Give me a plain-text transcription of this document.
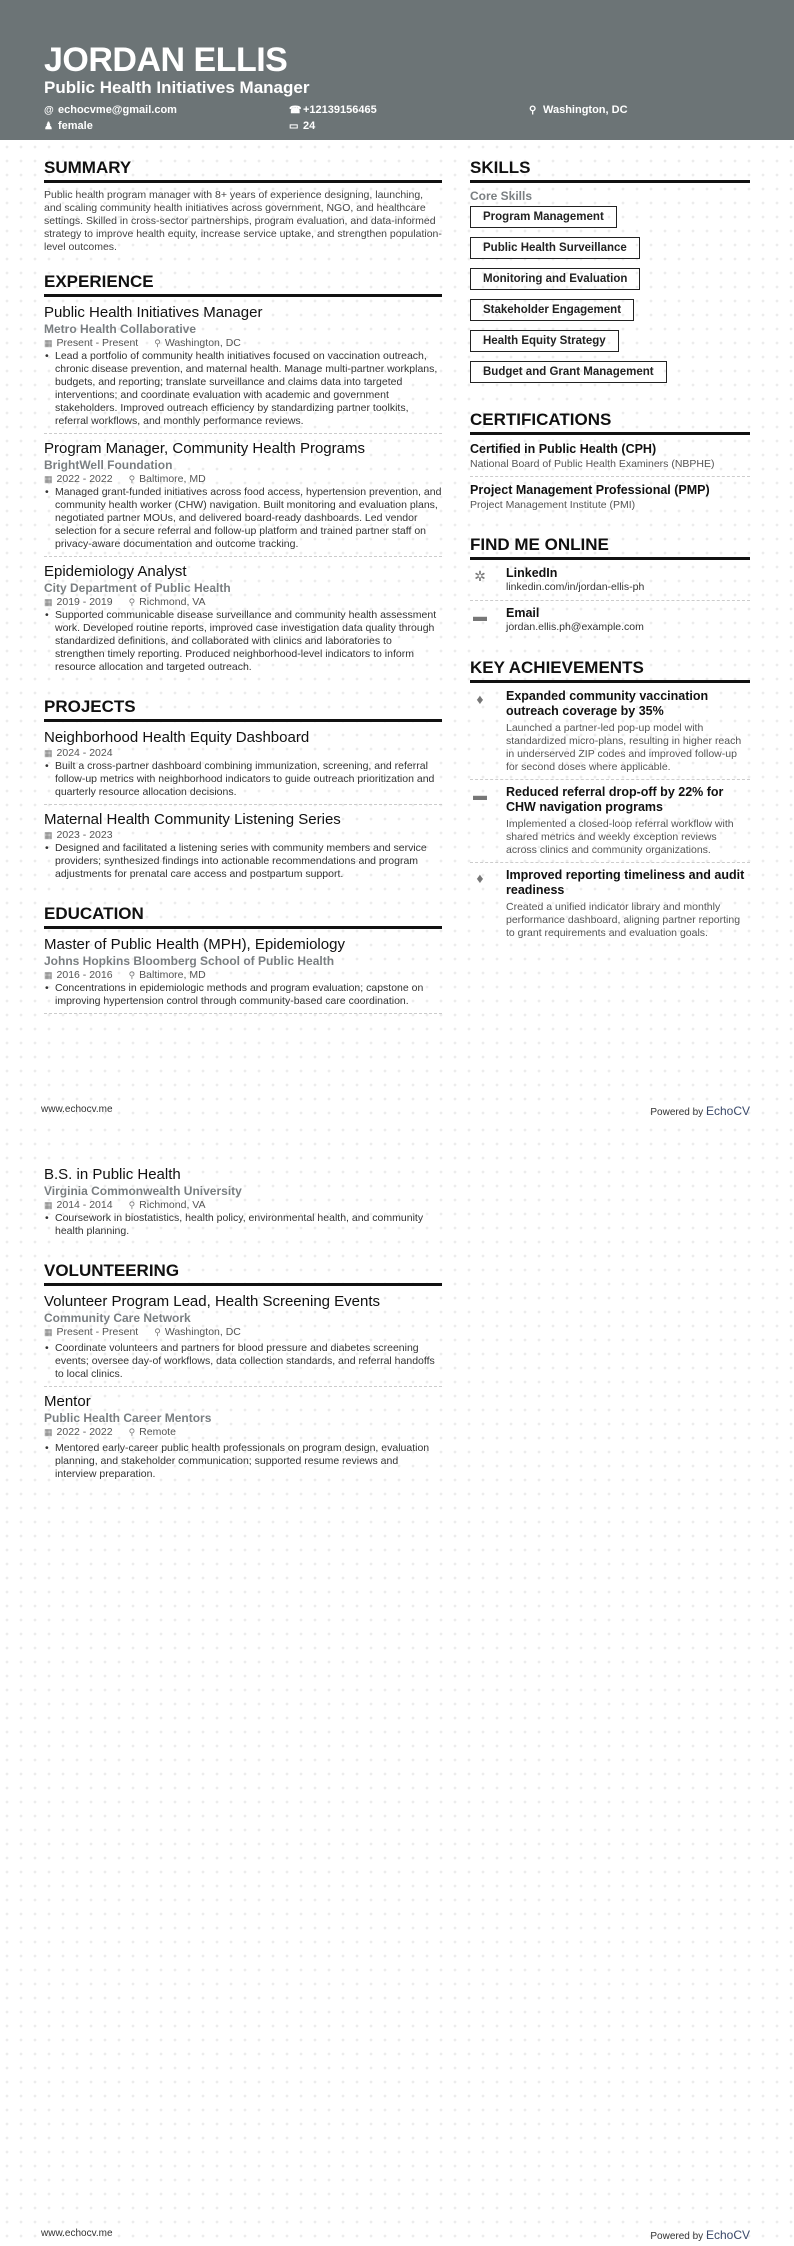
JORDAN ELLIS
Public Health Initiatives Manager
@ echocvme@gmail.com	☎ +12139156465	⚲ Washington, DC
♟ female	▭ 24
SUMMARY
Public health program manager with 8+ years of experience designing, launching, and scaling community health initiatives across government, NGO, and healthcare settings. Skilled in cross-sector partnerships, program evaluation, and data-informed strategy to improve health equity, increase service uptake, and strengthen population-level outcomes.
EXPERIENCE
Public Health Initiatives Manager
Metro Health Collaborative
▦ Present - Present ⚲ Washington, DC
• Lead a portfolio of community health initiatives focused on vaccination outreach, chronic disease prevention, and maternal health. Manage multi-partner workplans, budgets, and reporting; translate surveillance and claims data into targeted interventions; and coordinate evaluation with academic and government stakeholders. Improved outreach efficiency by standardizing partner toolkits, referral workflows, and monthly performance reviews.
Program Manager, Community Health Programs
BrightWell Foundation
▦ 2022 - 2022 ⚲ Baltimore, MD
• Managed grant-funded initiatives across food access, hypertension prevention, and community health worker (CHW) navigation. Built monitoring and evaluation plans, negotiated partner MOUs, and delivered board-ready dashboards. Led vendor selection for a secure referral and follow-up platform and trained partner staff on privacy-aware documentation and outcome tracking.
Epidemiology Analyst
City Department of Public Health
▦ 2019 - 2019 ⚲ Richmond, VA
• Supported communicable disease surveillance and community health assessment work. Developed routine reports, improved case investigation data quality through standardized definitions, and collaborated with clinics and laboratories to strengthen timely reporting. Produced neighborhood-level indicators to inform resource allocation and targeted outreach.
PROJECTS
Neighborhood Health Equity Dashboard
▦ 2024 - 2024
• Built a cross-partner dashboard combining immunization, screening, and referral follow-up metrics with neighborhood indicators to guide outreach prioritization and quarterly resource allocation decisions.
Maternal Health Community Listening Series
▦ 2023 - 2023
• Designed and facilitated a listening series with community members and service providers; synthesized findings into actionable recommendations and program adjustments for prenatal care access and postpartum support.
EDUCATION
Master of Public Health (MPH), Epidemiology
Johns Hopkins Bloomberg School of Public Health
▦ 2016 - 2016 ⚲ Baltimore, MD
• Concentrations in epidemiologic methods and program evaluation; capstone on improving hypertension control through community-based care coordination.
SKILLS
Core Skills
Program Management
Public Health Surveillance
Monitoring and Evaluation
Stakeholder Engagement
Health Equity Strategy
Budget and Grant Management
CERTIFICATIONS
Certified in Public Health (CPH)
National Board of Public Health Examiners (NBPHE)
Project Management Professional (PMP)
Project Management Institute (PMI)
FIND ME ONLINE
✲	LinkedIn
linkedin.com/in/jordan-ellis-ph
▬ Email
jordan.ellis.ph@example.com
KEY ACHIEVEMENTS
♦	Expanded community vaccination outreach coverage by 35%
Launched a partner-led pop-up model with standardized micro-plans, resulting in higher reach in underserved ZIP codes and improved follow-up for second doses where applicable.
▬ Reduced referral drop-off by 22% for CHW navigation programs
Implemented a closed-loop referral workflow with shared metrics and weekly exception reviews across clinics and community organizations.
♦	Improved reporting timeliness and audit readiness
Created a unified indicator library and monthly performance dashboard, aligning partner reporting to grant requirements and evaluation goals.
www.echocv.me	Powered by EchoCV
B.S. in Public Health
Virginia Commonwealth University
▦ 2014 - 2014 ⚲ Richmond, VA
• Coursework in biostatistics, health policy, environmental health, and community health planning.
VOLUNTEERING
Volunteer Program Lead, Health Screening Events
Community Care Network
▦ Present - Present ⚲ Washington, DC
• Coordinate volunteers and partners for blood pressure and diabetes screening events; oversee day-of workflows, data collection standards, and referral handoffs to local clinics.
Mentor
Public Health Career Mentors
▦ 2022 - 2022 ⚲ Remote
• Mentored early-career public health professionals on program design, evaluation planning, and stakeholder communication; supported resume reviews and interview preparation.
www.echocv.me	Powered by EchoCV
